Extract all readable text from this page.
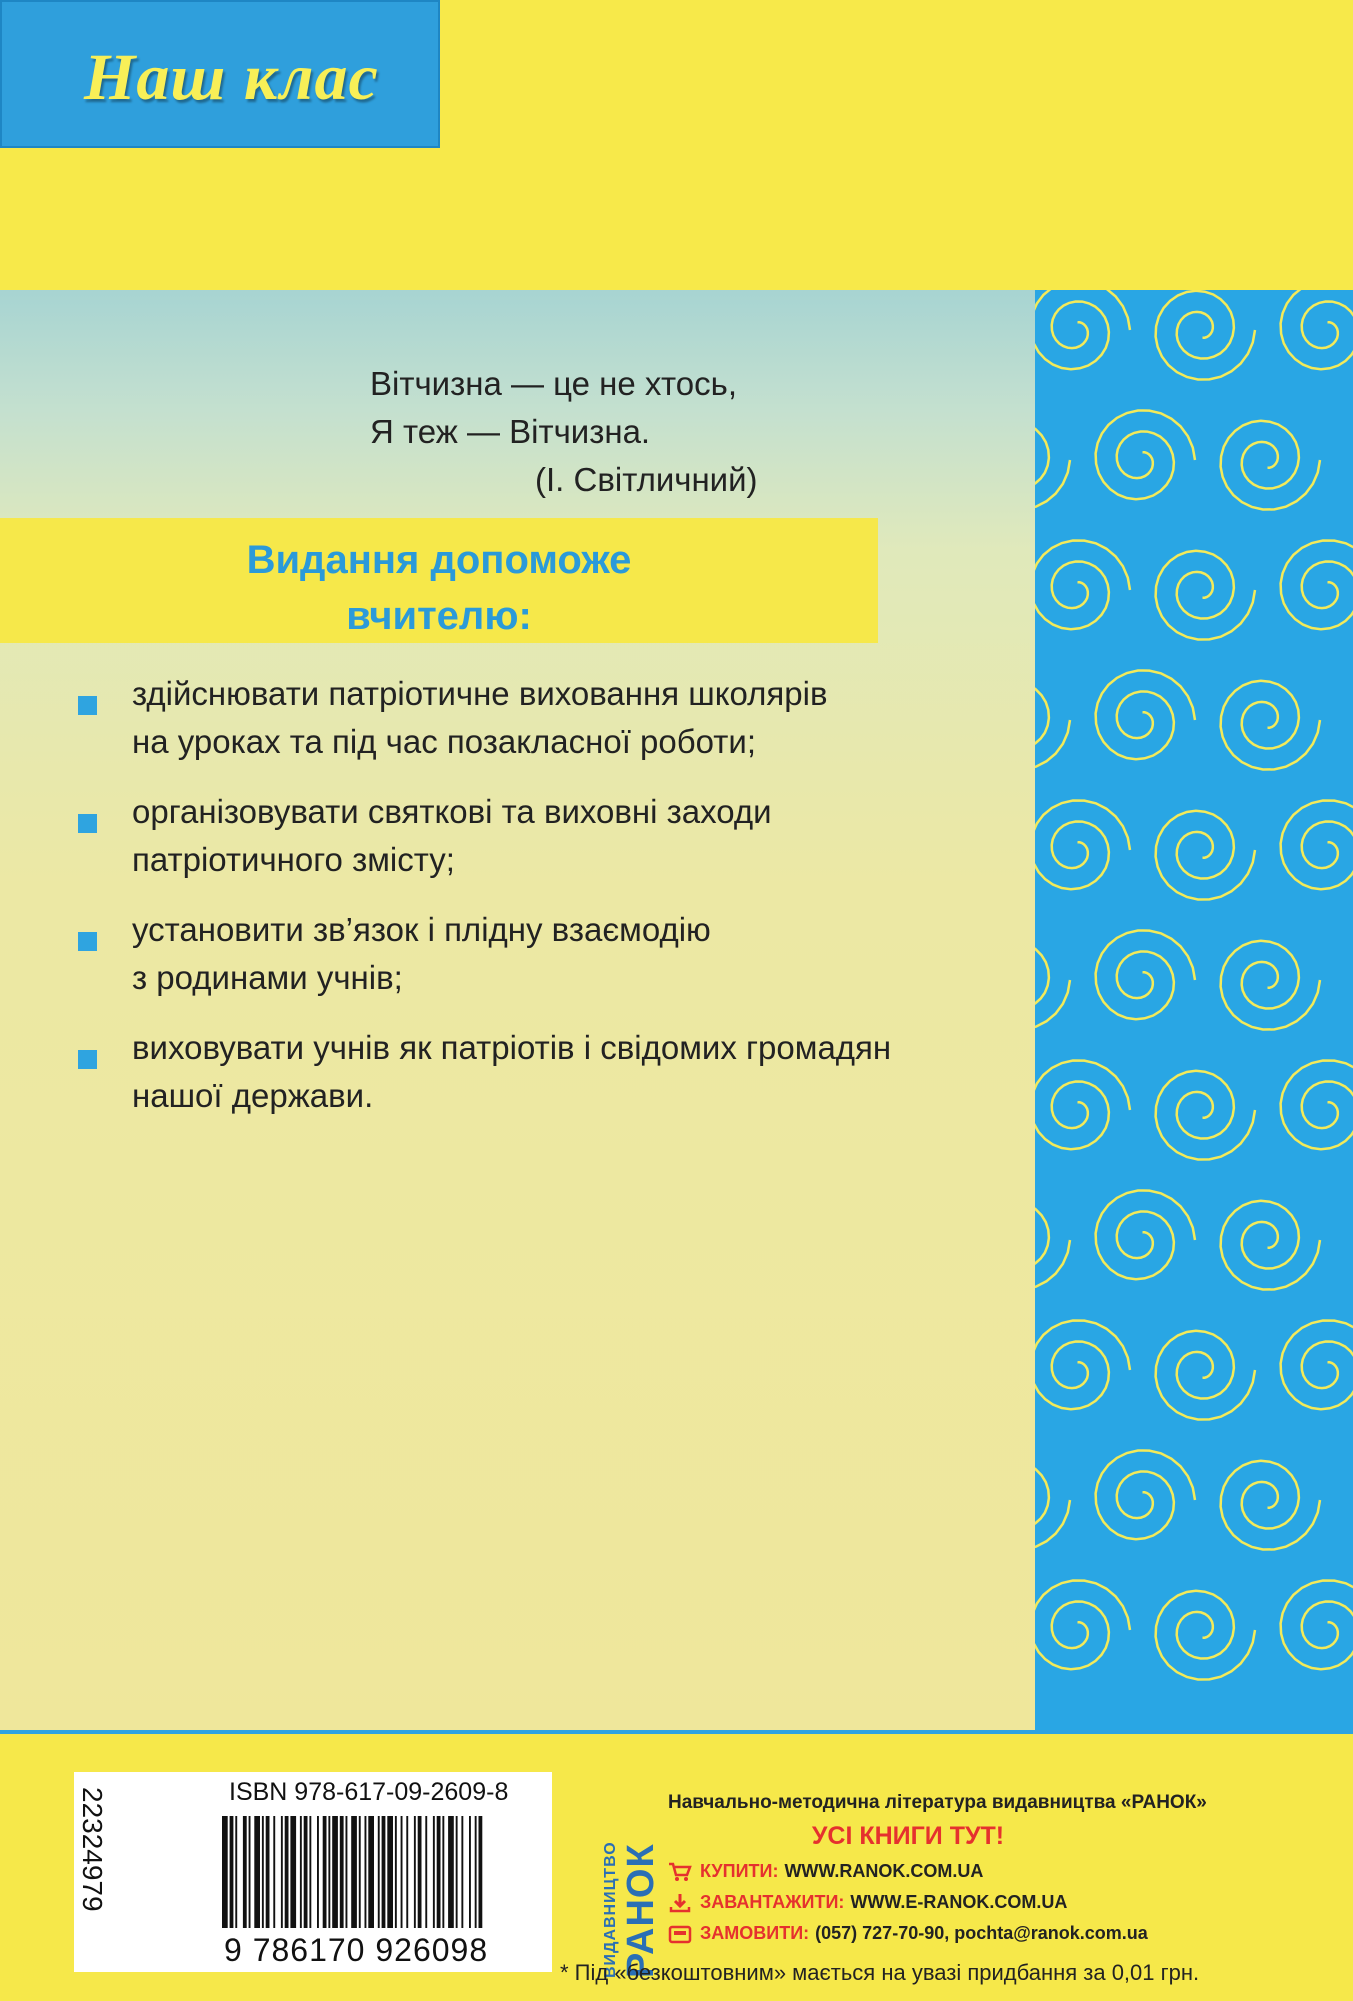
Наш клас
Вітчизна — це не хтось,
Я теж — Вітчизна.
(І. Світличний)
Видання допоможе
вчителю:
здійснювати патріотичне виховання школярів
на уроках та під час позакласної роботи;
організовувати святкові та виховні заходи
патріотичного змісту;
установити зв’язок і плідну взаємодію
з родинами учнів;
виховувати учнів як патріотів і свідомих громадян
нашої держави.
ISBN 978-617-09-2609-8
22324979
9 786170 926098	ВИДАВНИЦТВО РАНОК
Навчально-методична література видавництва «РАНОК»
УСІ КНИГИ ТУТ!
КУПИТИ: WWW.RANOK.COM.UA
ЗАВАНТАЖИТИ: WWW.E-RANOK.COM.UA
ЗАМОВИТИ: (057) 727-70-90, pochta@ranok.com.ua
* Під «безкоштовним» мається на увазі придбання за 0,01 грн.
